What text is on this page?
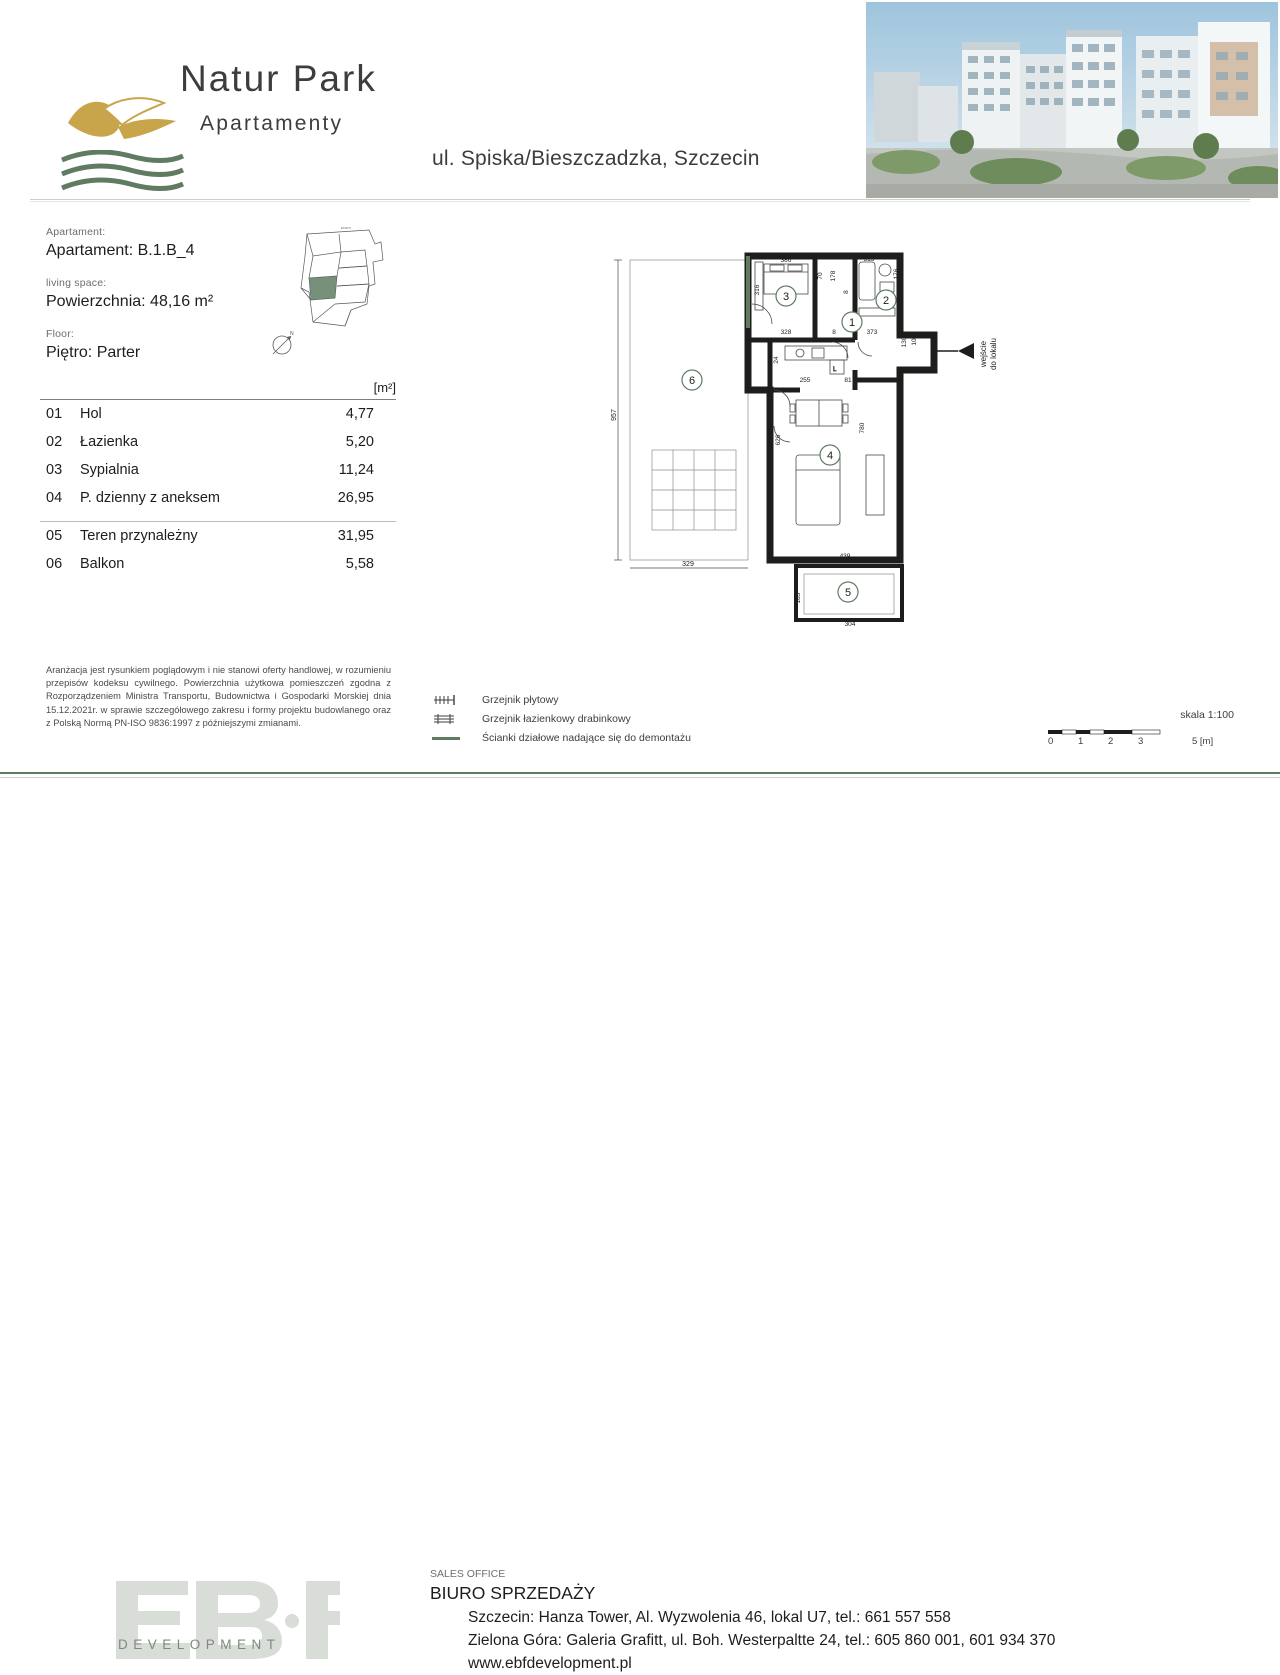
Natur Park
Apartamenty
ul. Spiska/Bieszczadzka, Szczecin
Apartament:
Apartament: B.1.B_4
living space:
Powierzchnia: 48,16 m²
Floor:
Piętro: Parter
ETAP II
N
[m²]

01	Hol	4,77
02	Łazienka	5,20
03	Sypialnia	11,24
04	P. dzienny z aneksem	26,95

05	Teren przynależny	31,95
06	Balkon	5,58
Aranżacja jest rysunkiem poglądowym i nie stanowi oferty handlowej, w rozumieniu przepisów kodeksu cywilnego. Powierzchnia użytkowa pomieszczeń zgodna z Rozporządzeniem Ministra Transportu, Budownictwa i Gospodarki Morskiej dnia 15.12.2021r. w sprawie szczegółowego zakresu i formy projektu budowlanego oraz z Polską Normą PN-ISO 9836:1997 z późniejszymi zmianami.
Grzejnik płytowy
Grzejnik łazienkowy drabinkowy
Ścianki działowe nadające się do demontażu
skala 1:100
0	1	2	3	5 [m]
957
329
386
316
328
313
176
70 178
8
373
130 10
8
L
24
255	81	103
780
626
439
183
304
wejście do lokalu
3	2
1
4
5
6
DEVELOPMENT
SALES OFFICE
BIURO SPRZEDAŻY
Szczecin: Hanza Tower, Al. Wyzwolenia 46, lokal U7, tel.: 661 557 558
Zielona Góra: Galeria Grafitt, ul. Boh. Westerpaltte 24, tel.: 605 860 001, 601 934 370
www.ebfdevelopment.pl
